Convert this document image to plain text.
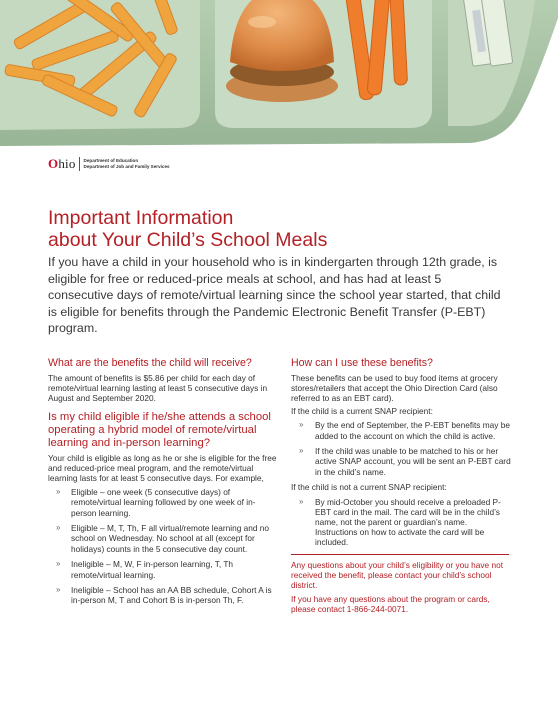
Ohio Department of Education
Department of Job and Family Services
Important Information
about Your Child’s School Meals

If you have a child in your household who is in kindergarten through 12th grade, is eligible for free or reduced-price meals at school, and has had at least 5 consecutive days of remote/virtual learning since the school year started, that child is eligible for benefits through the Pandemic Electronic Benefit Transfer (P-EBT) program.

What are the benefits the child will receive?

The amount of benefits is $5.86 per child for each day of remote/virtual learning lasting at least 5 consecutive days in August and September 2020.

Is my child eligible if he/she attends a school operating a hybrid model of remote/virtual learning and in-person learning?

Your child is eligible as long as he or she is eligible for the free and reduced-price meal program, and the remote/virtual learning lasts for at least 5 consecutive days. For example,

» Eligible – one week (5 consecutive days) of remote/virtual learning followed by one week of in-person learning.
» Eligible – M, T, Th, F all virtual/remote learning and no school on Wednesday. No school at all (except for holidays) counts in the 5 consecutive day count.
» Ineligible – M, W, F in-person learning, T, Th remote/virtual learning.
» Ineligible – School has an AA BB schedule, Cohort A is in-person M, T and Cohort B is in-person Th, F.
How can I use these benefits?

These benefits can be used to buy food items at grocery stores/retailers that accept the Ohio Direction Card (also referred to as an EBT card).

If the child is a current SNAP recipient:

» By the end of September, the P-EBT benefits may be added to the account on which the child is active.
» If the child was unable to be matched to his or her active SNAP account, you will be sent an P-EBT card in the child’s name.

If the child is not a current SNAP recipient:

» By mid-October you should receive a preloaded P-EBT card in the mail. The card will be in the child’s name, not the parent or guardian’s name. Instructions on how to activate the card will be included.

Any questions about your child’s eligibility or you have not received the benefit, please contact your child’s school district.

If you have any questions about the program or cards, please contact 1-866-244-0071.
